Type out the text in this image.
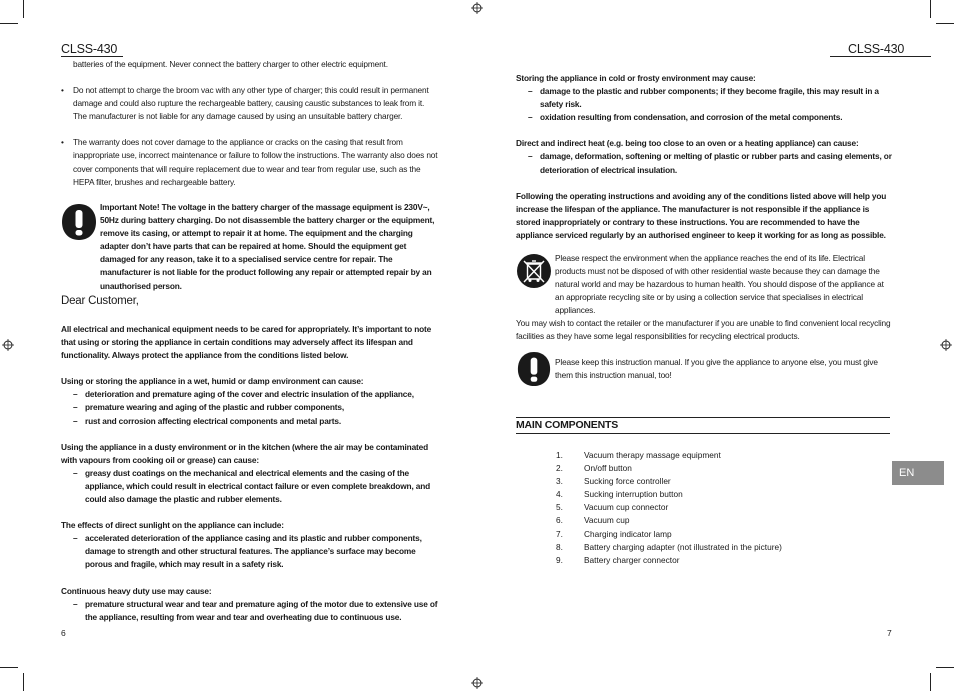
CLSS-430

batteries of the equipment. Never connect the battery charger to other electric equipment.

• Do not attempt to charge the broom vac with any other type of charger; this could result in permanent damage and could also rupture the rechargeable battery, causing caustic substances to leak from it. The manufacturer is not liable for any damage caused by using an unsuitable battery charger.

• The warranty does not cover damage to the appliance or cracks on the casing that result from inappropriate use, incorrect maintenance or failure to follow the instructions. The warranty also does not cover components that will require replacement due to wear and tear from regular use, such as the HEPA filter, brushes and rechargeable battery.

Important Note! The voltage in the battery charger of the massage equipment is 230V~, 50Hz during battery charging. Do not disassemble the battery charger or the equipment, remove its casing, or attempt to repair it at home. The equipment and the charging adapter don’t have parts that can be repaired at home. Should the equipment get damaged for any reason, take it to a specialised service centre for repair. The manufacturer is not liable for the product following any repair or attempted repair by an unauthorised person.
Dear Customer,

All electrical and mechanical equipment needs to be cared for appropriately. It’s important to note that using or storing the appliance in certain conditions may adversely affect its lifespan and functionality. Always protect the appliance from the conditions listed below.

Using or storing the appliance in a wet, humid or damp environment can cause:

– deterioration and premature aging of the cover and electric insulation of the appliance,

– premature wearing and aging of the plastic and rubber components,

– rust and corrosion affecting electrical components and metal parts.

Using the appliance in a dusty environment or in the kitchen (where the air may be contaminated with vapours from cooking oil or grease) can cause:

– greasy dust coatings on the mechanical and electrical elements and the casing of the appliance, which could result in electrical contact failure or even complete breakdown, and could also damage the plastic and rubber elements.

The effects of direct sunlight on the appliance can include:

– accelerated deterioration of the appliance casing and its plastic and rubber components, damage to strength and other structural features. The appliance’s surface may become porous and fragile, which may result in a safety risk.

Continuous heavy duty use may cause:

– premature structural wear and tear and premature aging of the motor due to extensive use of the appliance, resulting from wear and tear and overheating due to continuous use.

6
CLSS-430

Storing the appliance in cold or frosty environment may cause:

– damage to the plastic and rubber components; if they become fragile, this may result in a safety risk.

– oxidation resulting from condensation, and corrosion of the metal components.

Direct and indirect heat (e.g. being too close to an oven or a heating appliance) can cause:

– damage, deformation, softening or melting of plastic or rubber parts and casing elements, or deterioration of electrical insulation.

Following the operating instructions and avoiding any of the conditions listed above will help you increase the lifespan of the appliance. The manufacturer is not responsible if the appliance is stored inappropriately or contrary to these instructions. You are recommended to have the appliance serviced regularly by an authorised engineer to keep it working for as long as possible.

Please respect the environment when the appliance reaches the end of its life. Electrical products must not be disposed of with other residential waste because they can damage the natural world and may be hazardous to human health. You should dispose of the appliance at an appropriate recycling site or by using a collection service that specialises in electrical appliances.
You may wish to contact the retailer or the manufacturer if you are unable to find convenient local recycling facilities as they have some legal responsibilities for recycling electrical products.
Please keep this instruction manual. If you give the appliance to anyone else, you must give them this instruction manual, too!
MAIN COMPONENTS
1.	Vacuum therapy massage equipment
2.	On/off button
3.	Sucking force controller
4.	Sucking interruption button
5.	Vacuum cup connector
6.	Vacuum cup
7.	Charging indicator lamp
8.	Battery charging adapter (not illustrated in the picture)
9.	Battery charger connector
EN
7
